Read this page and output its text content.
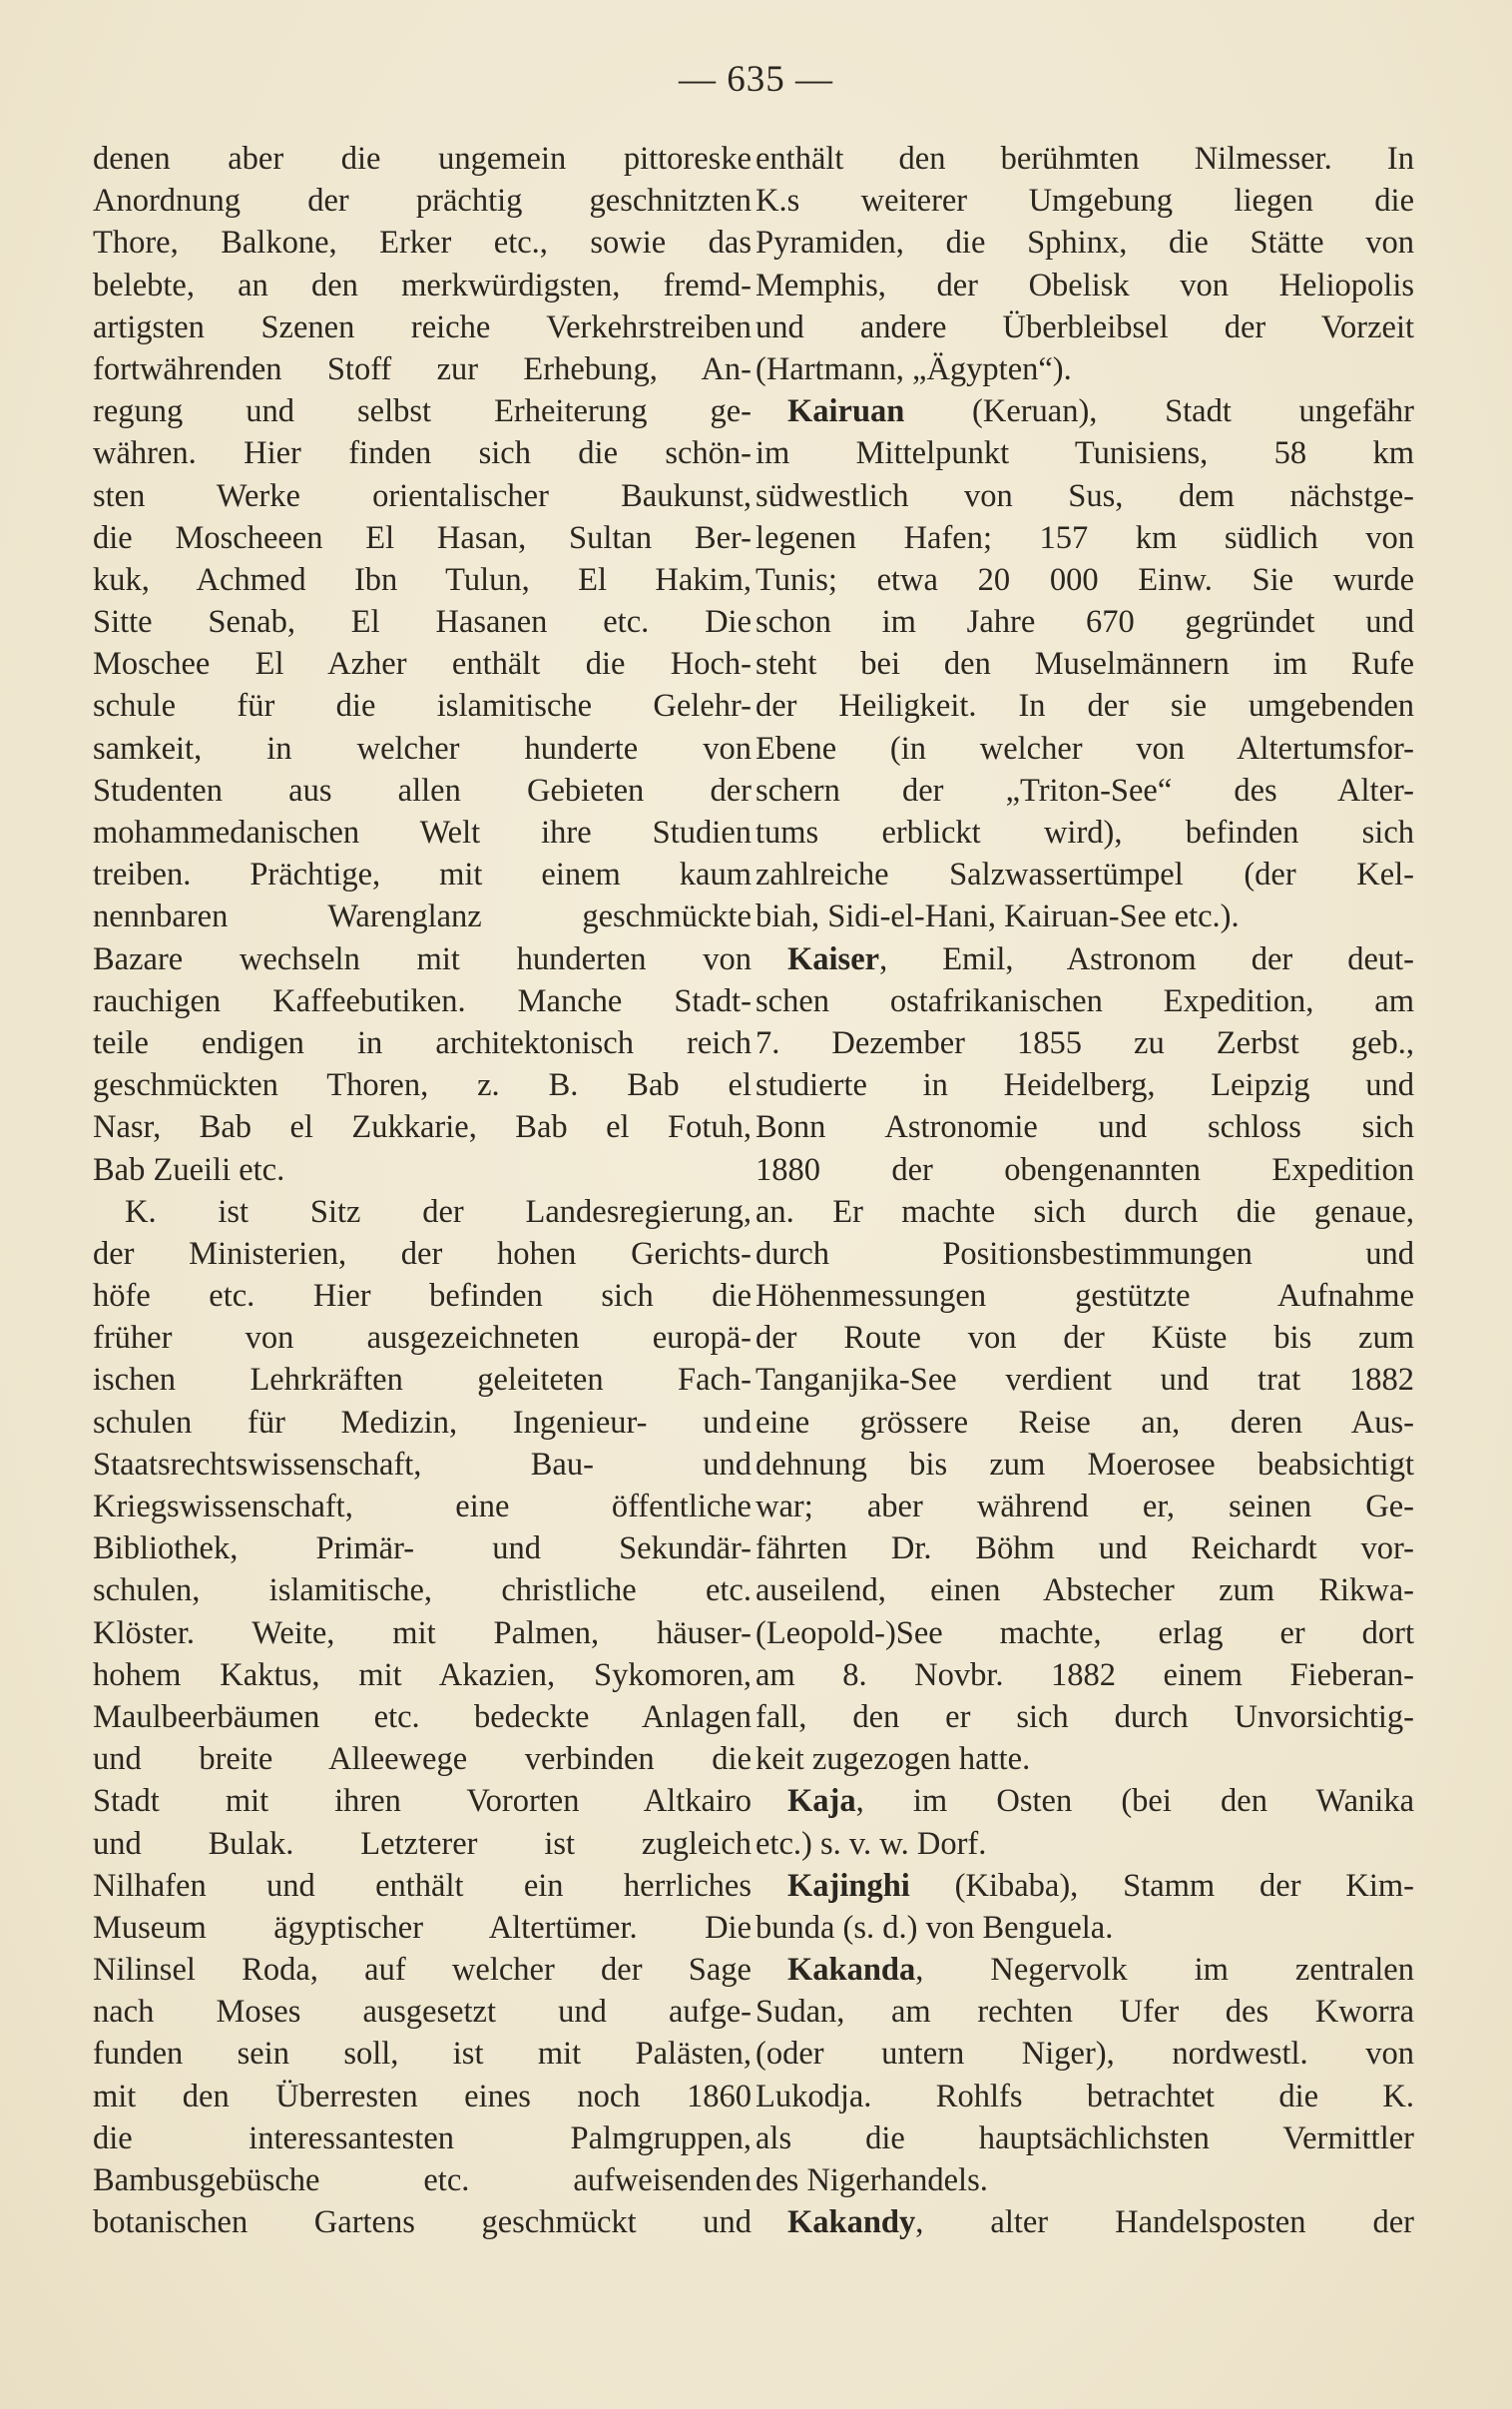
— 635 —
denen aber die ungemein pittoreske
Anordnung der prächtig geschnitzten
Thore, Balkone, Erker etc., sowie das
belebte, an den merkwürdigsten, fremd-
artigsten Szenen reiche Verkehrstreiben
fortwährenden Stoff zur Erhebung, An-
regung und selbst Erheiterung ge-
währen. Hier finden sich die schön-
sten Werke orientalischer Baukunst,
die Moscheeen El Hasan, Sultan Ber-
kuk, Achmed Ibn Tulun, El Hakim,
Sitte Senab, El Hasanen etc. Die
Moschee El Azher enthält die Hoch-
schule für die islamitische Gelehr-
samkeit, in welcher hunderte von
Studenten aus allen Gebieten der
mohammedanischen Welt ihre Studien
treiben. Prächtige, mit einem kaum
nennbaren Warenglanz geschmückte
Bazare wechseln mit hunderten von
rauchigen Kaffeebutiken. Manche Stadt-
teile endigen in architektonisch reich
geschmückten Thoren, z. B. Bab el
Nasr, Bab el Zukkarie, Bab el Fotuh,
Bab Zueili etc.
K. ist Sitz der Landesregierung,
der Ministerien, der hohen Gerichts-
höfe etc. Hier befinden sich die
früher von ausgezeichneten europä-
ischen Lehrkräften geleiteten Fach-
schulen für Medizin, Ingenieur- und
Staatsrechtswissenschaft, Bau- und
Kriegswissenschaft, eine öffentliche
Bibliothek, Primär- und Sekundär-
schulen, islamitische, christliche etc.
Klöster. Weite, mit Palmen, häuser-
hohem Kaktus, mit Akazien, Sykomoren,
Maulbeerbäumen etc. bedeckte Anlagen
und breite Alleewege verbinden die
Stadt mit ihren Vororten Altkairo
und Bulak. Letzterer ist zugleich
Nilhafen und enthält ein herrliches
Museum ägyptischer Altertümer. Die
Nilinsel Roda, auf welcher der Sage
nach Moses ausgesetzt und aufge-
funden sein soll, ist mit Palästen,
mit den Überresten eines noch 1860
die interessantesten Palmgruppen,
Bambusgebüsche etc. aufweisenden
botanischen Gartens geschmückt und
enthält den berühmten Nilmesser. In
K.s weiterer Umgebung liegen die
Pyramiden, die Sphinx, die Stätte von
Memphis, der Obelisk von Heliopolis
und andere Überbleibsel der Vorzeit
(Hartmann, „Ägypten“).
Kairuan (Keruan), Stadt ungefähr
im Mittelpunkt Tunisiens, 58 km
südwestlich von Sus, dem nächstge-
legenen Hafen; 157 km südlich von
Tunis; etwa 20 000 Einw. Sie wurde
schon im Jahre 670 gegründet und
steht bei den Muselmännern im Rufe
der Heiligkeit. In der sie umgebenden
Ebene (in welcher von Altertumsfor-
schern der „Triton-See“ des Alter-
tums erblickt wird), befinden sich
zahlreiche Salzwassertümpel (der Kel-
biah, Sidi-el-Hani, Kairuan-See etc.).
Kaiser, Emil, Astronom der deut-
schen ostafrikanischen Expedition, am
7. Dezember 1855 zu Zerbst geb.,
studierte in Heidelberg, Leipzig und
Bonn Astronomie und schloss sich
1880 der obengenannten Expedition
an. Er machte sich durch die genaue,
durch Positionsbestimmungen und
Höhenmessungen gestützte Aufnahme
der Route von der Küste bis zum
Tanganjika-See verdient und trat 1882
eine grössere Reise an, deren Aus-
dehnung bis zum Moerosee beabsichtigt
war; aber während er, seinen Ge-
fährten Dr. Böhm und Reichardt vor-
auseilend, einen Abstecher zum Rikwa-
(Leopold-)See machte, erlag er dort
am 8. Novbr. 1882 einem Fieberan-
fall, den er sich durch Unvorsichtig-
keit zugezogen hatte.
Kaja, im Osten (bei den Wanika
etc.) s. v. w. Dorf.
Kajinghi (Kibaba), Stamm der Kim-
bunda (s. d.) von Benguela.
Kakanda, Negervolk im zentralen
Sudan, am rechten Ufer des Kworra
(oder untern Niger), nordwestl. von
Lukodja. Rohlfs betrachtet die K.
als die hauptsächlichsten Vermittler
des Nigerhandels.
Kakandy, alter Handelsposten der
